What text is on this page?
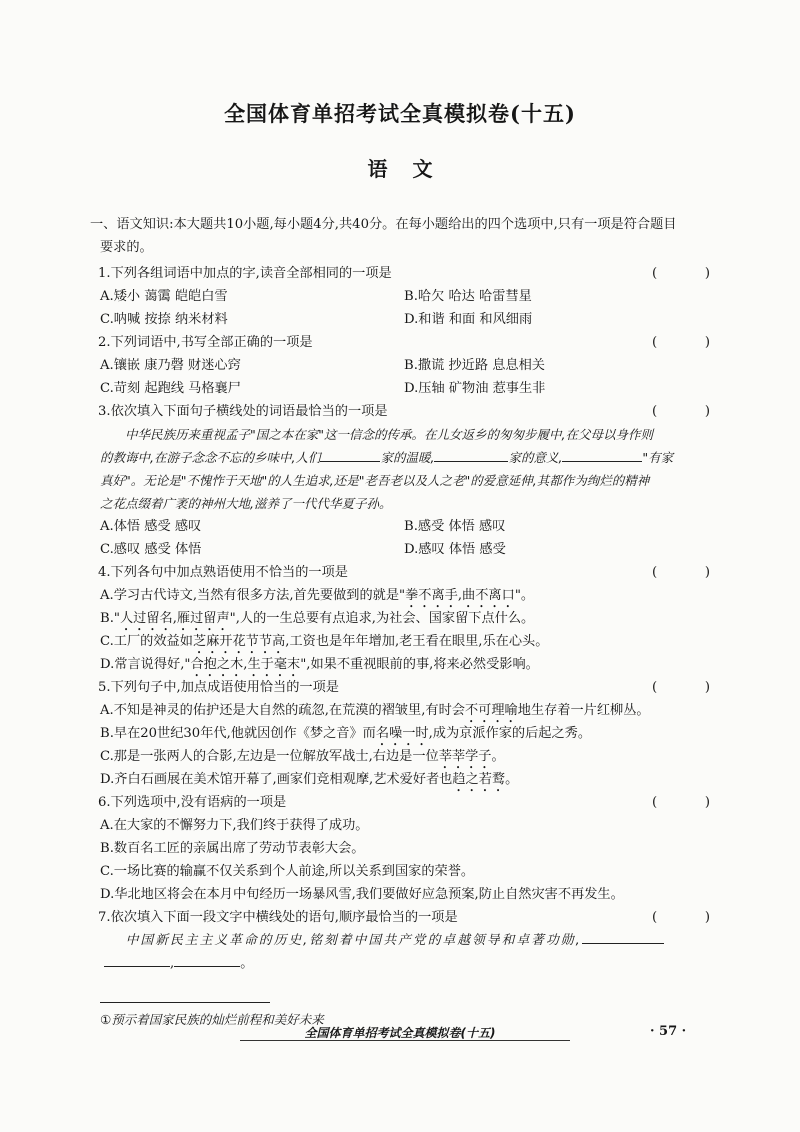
全国体育单招考试全真模拟卷(十五)
语 文
一、语文知识:本大题共10小题,每小题4分,共40分。在每小题给出的四个选项中,只有一项是符合题目
要求的。
1.下列各组词语中加点的字,读音全部相同的一项是	(	)
A.矮小 蔼霭 皑皑白雪	B.哈欠 哈达 哈雷彗星
C.呐喊 按捺 纳米材料	D.和谐 和面 和风细雨
2.下列词语中,书写全部正确的一项是	(	)
A.镶嵌 康乃磬 财迷心窍	B.撒谎 抄近路 息息相关
C.苛刻 起跑线 马格襄尸	D.压轴 矿物油 惹事生非
3.依次填入下面句子横线处的词语最恰当的一项是	(	)
中华民族历来重视孟子"国之本在家"这一信念的传承。在儿女返乡的匆匆步履中,在父母以身作则
的教诲中,在游子念念不忘的乡味中,人们	家的温暖,	家的意义,	"有家
真好"。无论是"不愧怍于天地"的人生追求,还是"老吾老以及人之老"的爱意延伸,其都作为绚烂的精神
之花点缀着广袤的神州大地,滋养了一代代华夏子孙。
A.体悟 感受 感叹	B.感受 体悟 感叹
C.感叹 感受 体悟	D.感叹 体悟 感受
4.下列各句中加点熟语使用不恰当的一项是	(	)
A.学习古代诗文,当然有很多方法,首先要做到的就是"拳不离手,曲不离口"。
B."人过留名,雁过留声",人的一生总要有点追求,为社会、国家留下点什么。
C.工厂的效益如芝麻开花节节高,工资也是年年增加,老王看在眼里,乐在心头。
D.常言说得好,"合抱之木,生于毫末",如果不重视眼前的事,将来必然受影响。
5.下列句子中,加点成语使用恰当的一项是	(	)
A.不知是神灵的佑护还是大自然的疏忽,在荒漠的褶皱里,有时会不可理喻地生存着一片红柳丛。
B.早在20世纪30年代,他就因创作《梦之音》而名噪一时,成为京派作家的后起之秀。
C.那是一张两人的合影,左边是一位解放军战士,右边是一位莘莘学子。
D.齐白石画展在美术馆开幕了,画家们竞相观摩,艺术爱好者也趋之若鹜。
6.下列选项中,没有语病的一项是	(	)
A.在大家的不懈努力下,我们终于获得了成功。
B.数百名工匠的亲属出席了劳动节表彰大会。
C.一场比赛的输赢不仅关系到个人前途,所以关系到国家的荣誉。
D.华北地区将会在本月中旬经历一场暴风雪,我们要做好应急预案,防止自然灾害不再发生。
7.依次填入下面一段文字中横线处的语句,顺序最恰当的一项是	(	)
中国新民主主义革命的历史,铭刻着中国共产党的卓越领导和卓著功勋,
,	。
①预示着国家民族的灿烂前程和美好未来
全国体育单招考试全真模拟卷(十五)	· 57 ·
